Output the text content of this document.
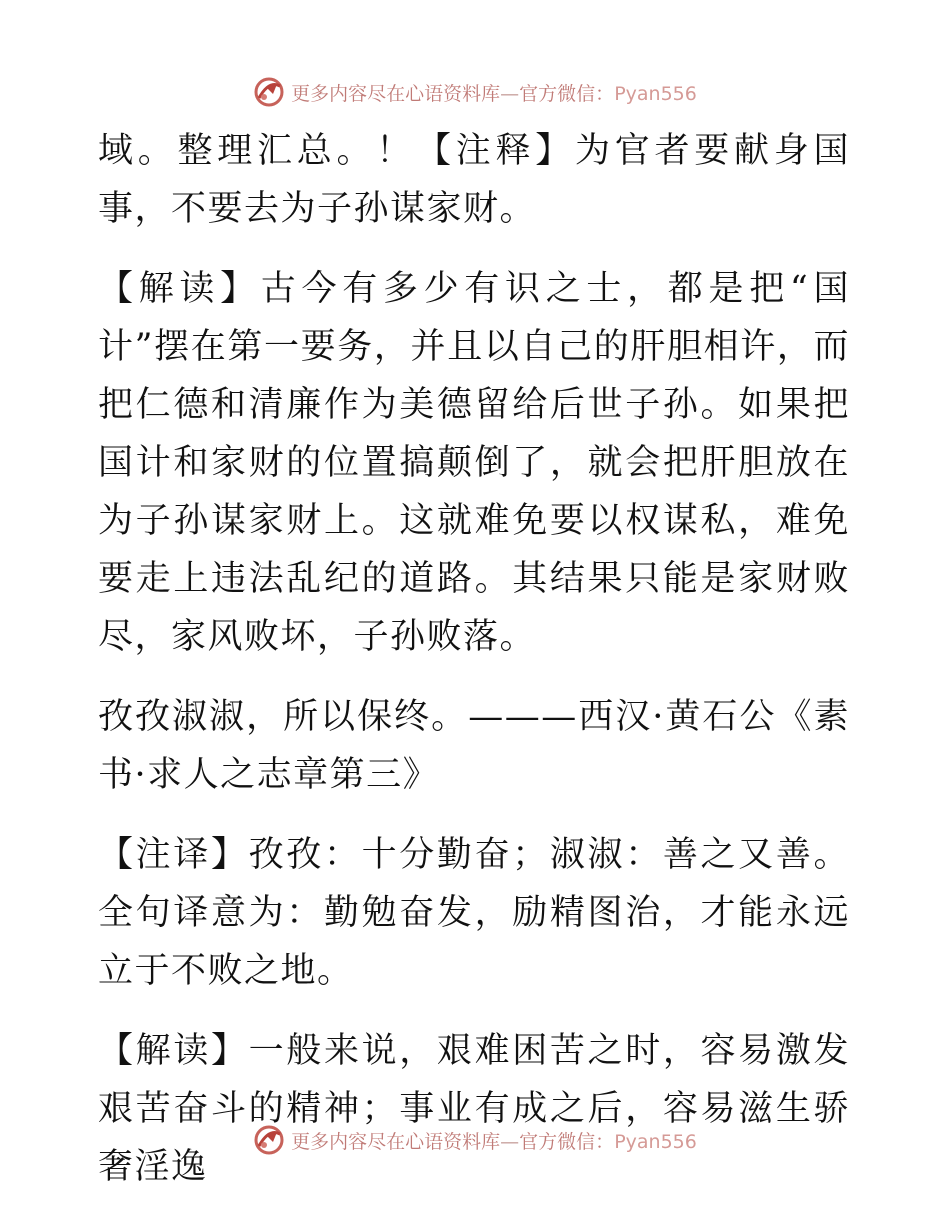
更多内容尽在心语资料库—官方微信：Pyan556

域。整理汇总。！【注释】为官者要献身国事，不要去为子孙谋家财。

【解读】古今有多少有识之士，都是把“国计”摆在第一要务，并且以自己的肝胆相许，而把仁德和清廉作为美德留给后世子孙。如果把国计和家财的位置搞颠倒了，就会把肝胆放在为子孙谋家财上。这就难免要以权谋私，难免要走上违法乱纪的道路。其结果只能是家财败尽，家风败坏，子孙败落。

孜孜淑淑，所以保终。———西汉·黄石公《素书·求人之志章第三》

【注译】孜孜：十分勤奋；淑淑：善之又善。全句译意为：勤勉奋发，励精图治，才能永远立于不败之地。

【解读】一般来说，艰难困苦之时，容易激发艰苦奋斗的精神；事业有成之后，容易滋生骄奢淫逸

更多内容尽在心语资料库—官方微信：Pyan556
